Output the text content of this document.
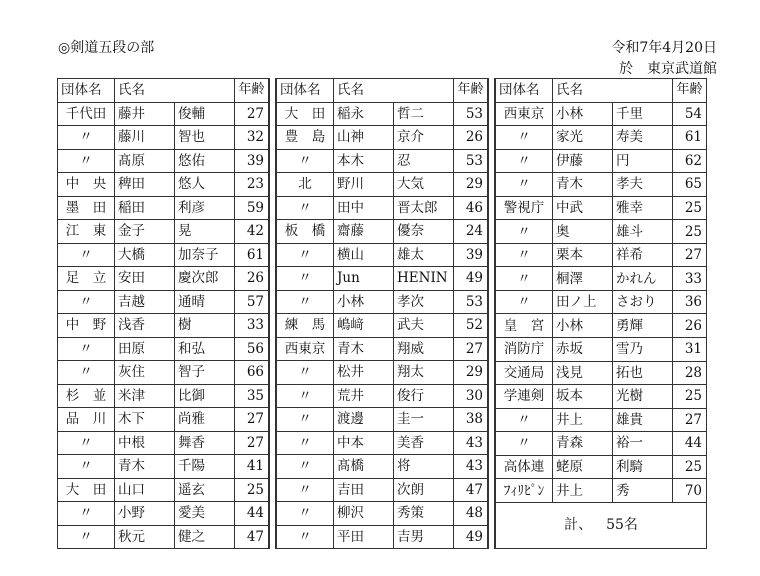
◎剣道五段の部	令和7年4月20日
於　東京武道館
団体名	氏名		年齢
千代田	藤井	俊輔	27
〃	藤川	智也	32
〃	髙原	悠佑	39
中　央	稗田	悠人	23
墨　田	稲田	利彦	59
江　東	金子	晃	42
〃	大橋	加奈子	61
足　立	安田	慶次郎	26
〃	吉越	通晴	57
中　野	浅香	樹	33
〃	田原	和弘	56
〃	灰住	智子	66
杉　並	米津	比御	35
品　川	木下	尚雅	27
〃	中根	舞香	27
〃	青木	千陽	41
大　田	山口	遥玄	25
〃	小野	愛美	44
〃	秋元	健之	47
団体名	氏名		年齢
大　田	稲永	哲二	53
豊　島	山神	京介	26
〃	本木	忍	53
北	野川	大気	29
〃	田中	晋太郎	46
板　橋	齋藤	優奈	24
〃	横山	雄太	39
〃	Jun	HENIN	49
〃	小林	孝次	53
練　馬	嶋﨑	武夫	52
西東京	青木	翔威	27
〃	松井	翔太	29
〃	荒井	俊行	30
〃	渡邊	圭一	38
〃	中本	美香	43
〃	髙橋	将	43
〃	吉田	次朗	47
〃	柳沢	秀策	48
〃	平田	吉男	49
団体名	氏名		年齢
西東京	小林	千里	54
〃	家光	寿美	61
〃	伊藤	円	62
〃	青木	孝夫	65
警視庁	中武	雅幸	25
〃	奥	雄斗	25
〃	栗本	祥希	27
〃	桐澤	かれん	33
〃	田ノ上	さおり	36
皇　宮	小林	勇輝	26
消防庁	赤坂	雪乃	31
交通局	浅見	拓也	28
学連剣	坂本	光樹	25
〃	井上	雄貴	27
〃	青森	裕一	44
高体連	蛯原	利騎	25
ﾌｨﾘﾋﾟﾝ	井上	秀	70
計、 55名			
